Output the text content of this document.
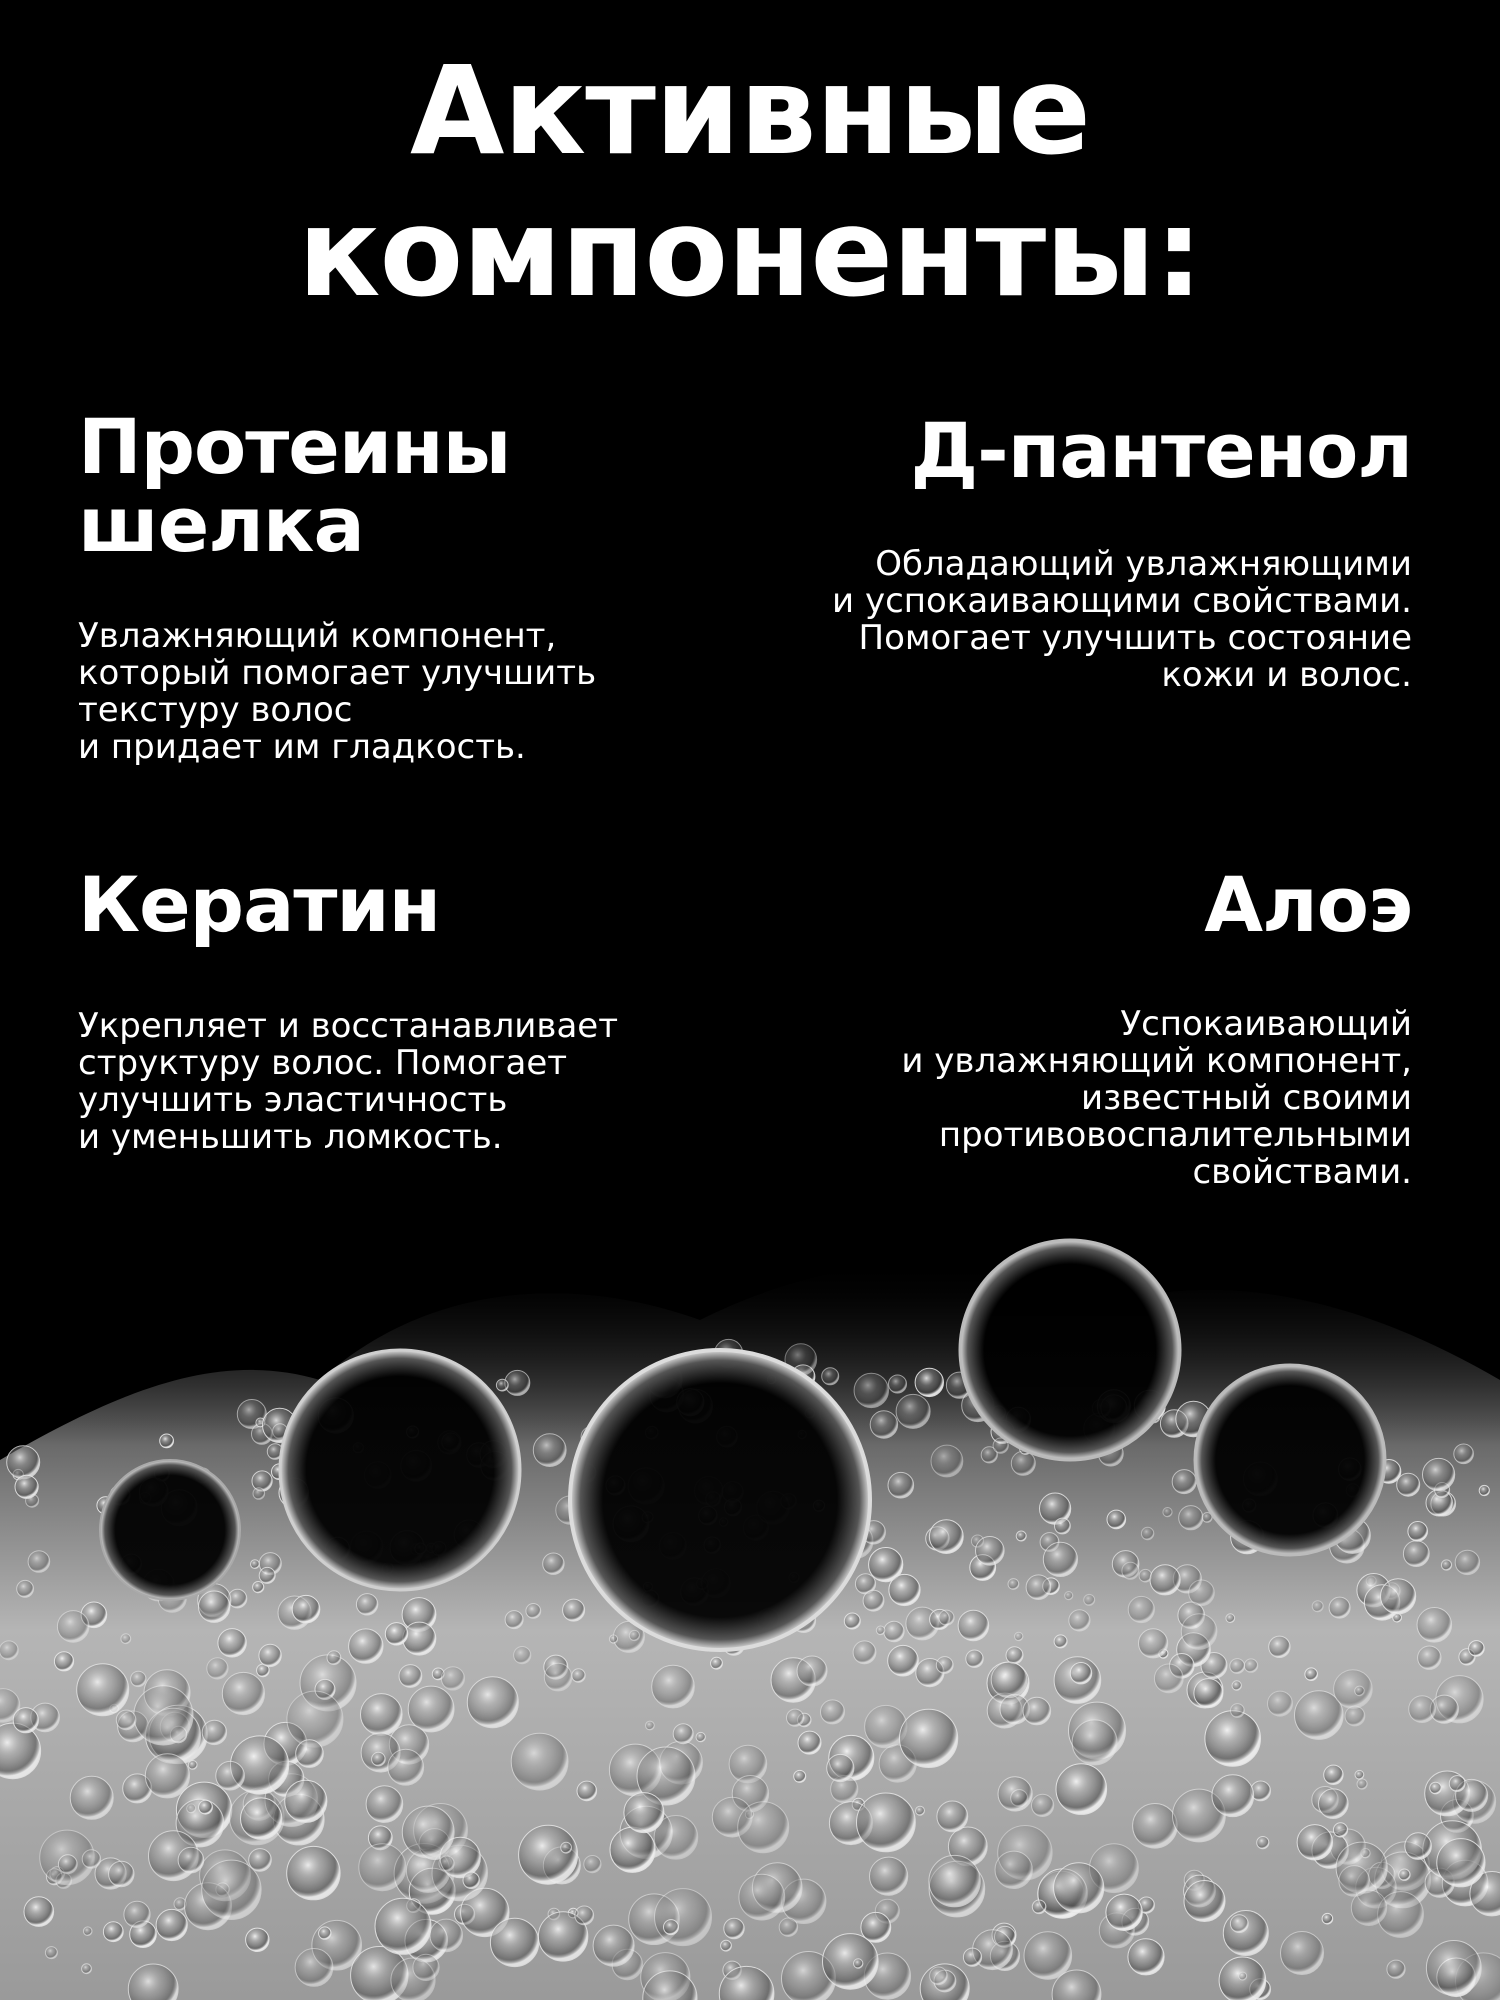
Активные
компоненты:
Протеины
шелка

Увлажняющий компонент,
который помогает улучшить
текстуру волос
и придает им гладкость.

Д-пантенол

Обладающий увлажняющими
и успокаивающими свойствами.
Помогает улучшить состояние
кожи и волос.

Кератин

Укрепляет и восстанавливает
структуру волос. Помогает
улучшить эластичность
и уменьшить ломкость.

Алоэ

Успокаивающий
и увлажняющий компонент,
известный своими
противовоспалительными
свойствами.
